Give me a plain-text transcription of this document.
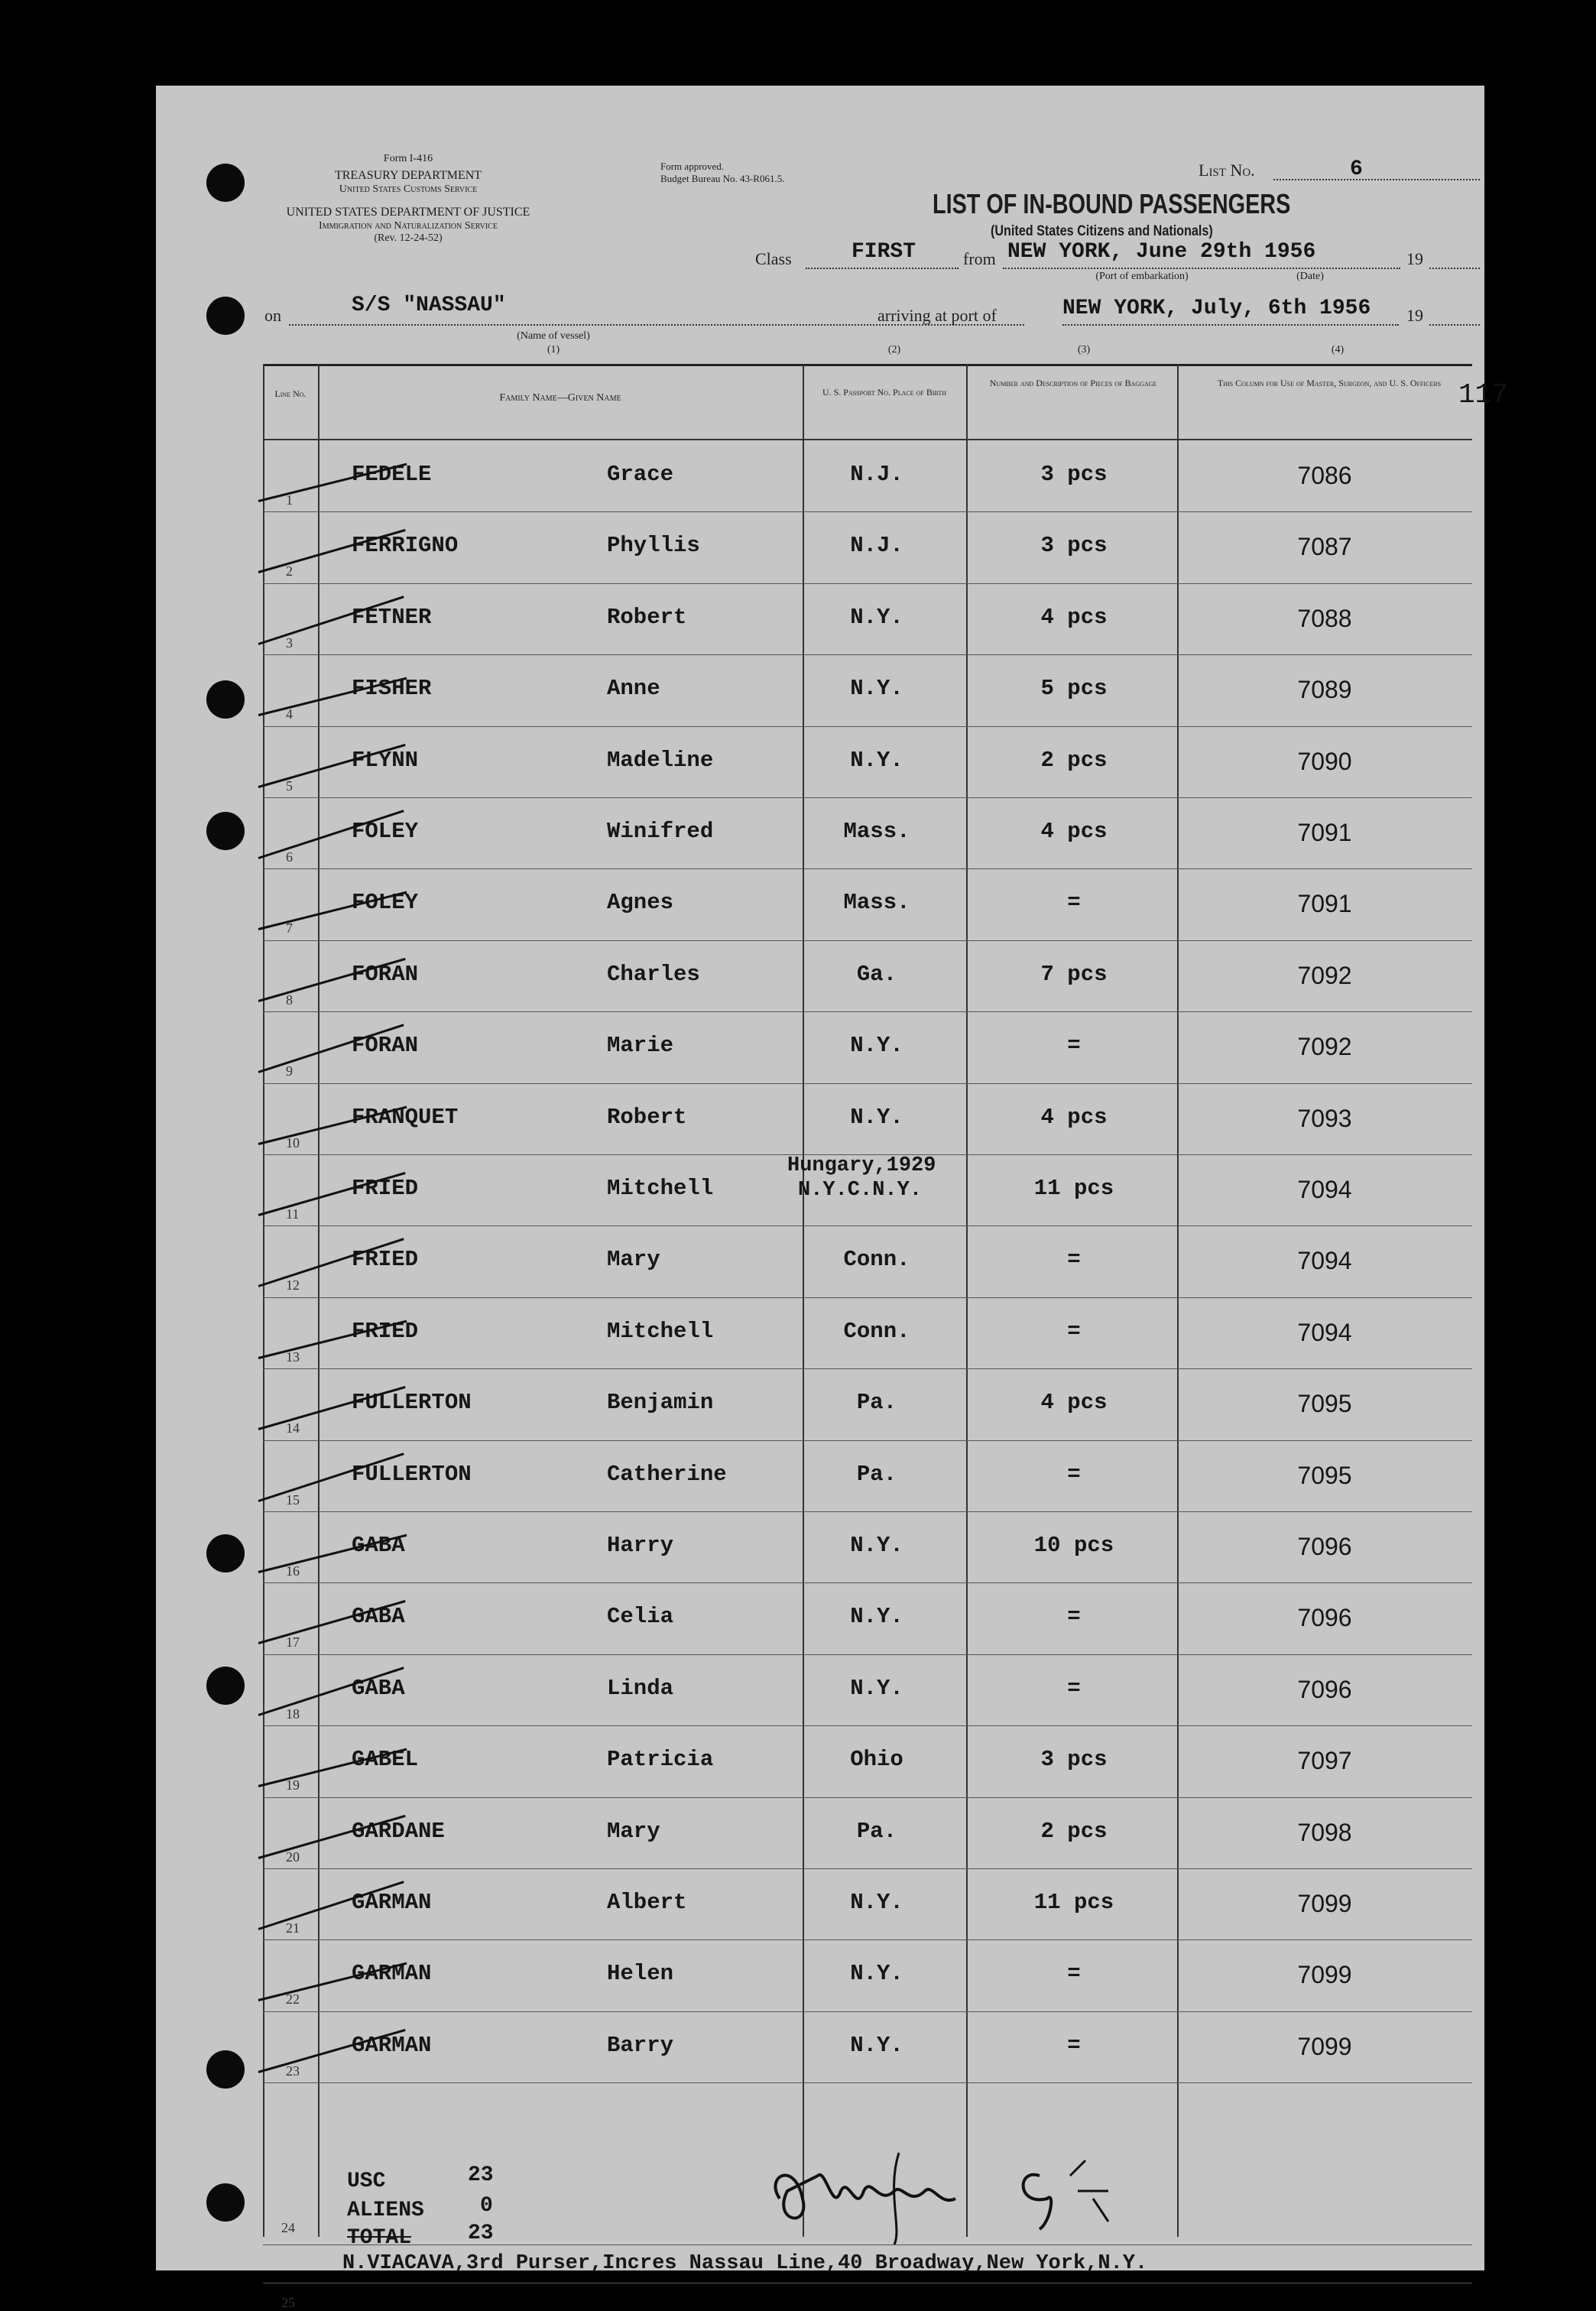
Form I-416
TREASURY DEPARTMENT
United States Customs Service
UNITED STATES DEPARTMENT OF JUSTICE
Immigration and Naturalization Service
(Rev. 12-24-52)
Form approved.
Budget Bureau No. 43-R061.5.	List No.	6
LIST OF IN-BOUND PASSENGERS
(United States Citizens and Nationals)
Class	FIRST	from NEW YORK, June 29th 1956	19
(Port of embarkation)	(Date)
on	S/S "NASSAU"	arriving at port of	NEW YORK, July, 6th 1956 19
(Name of vessel)
(1)	(2)	(3)	(4)
117
Line No.	Family Name—Given Name	U. S. Passport No. Place of Birth
Number and Description of Pieces of Baggage	This Column for Use of Master, Surgeon, and U. S. Officers
1
FEDELE	Grace	N.J.	3 pcs	7086
2
FERRIGNO	Phyllis	N.J.	3 pcs	7087
3
FETNER	Robert	N.Y.	4 pcs	7088
4
FISHER	Anne	N.Y.	5 pcs	7089
5
FLYNN	Madeline	N.Y.	2 pcs	7090
6
FOLEY	Winifred	Mass.	4 pcs	7091
7
FOLEY	Agnes	Mass.	=	7091
8
FORAN	Charles	Ga.	7 pcs	7092
9
FORAN	Marie	N.Y.	=	7092
10
FRANQUET	Robert	N.Y.	4 pcs	7093
11
FRIED	Mitchell
Hungary,1929
N.Y.C.N.Y.	11 pcs	7094
12
FRIED	Mary	Conn.	=	7094
13
FRIED	Mitchell	Conn.	=	7094
14
FULLERTON	Benjamin	Pa.	4 pcs	7095
15
FULLERTON	Catherine	Pa.	=	7095
16
GABA	Harry	N.Y.	10 pcs	7096
17
GABA	Celia	N.Y.	=	7096
18
GABA	Linda	N.Y.	=	7096
19
GABEL	Patricia	Ohio	3 pcs	7097
20
GARDANE	Mary	Pa.	2 pcs	7098
21
GARMAN	Albert	N.Y.	11 pcs	7099
22
GARMAN	Helen	N.Y.	=	7099
23
GARMAN	Barry	N.Y.	=	7099
USC	23
ALIENS	0
TOTAL	23
24
N.VIACAVA,3rd Purser,Incres Nassau Line,40 Broadway,New York,N.Y.
25
